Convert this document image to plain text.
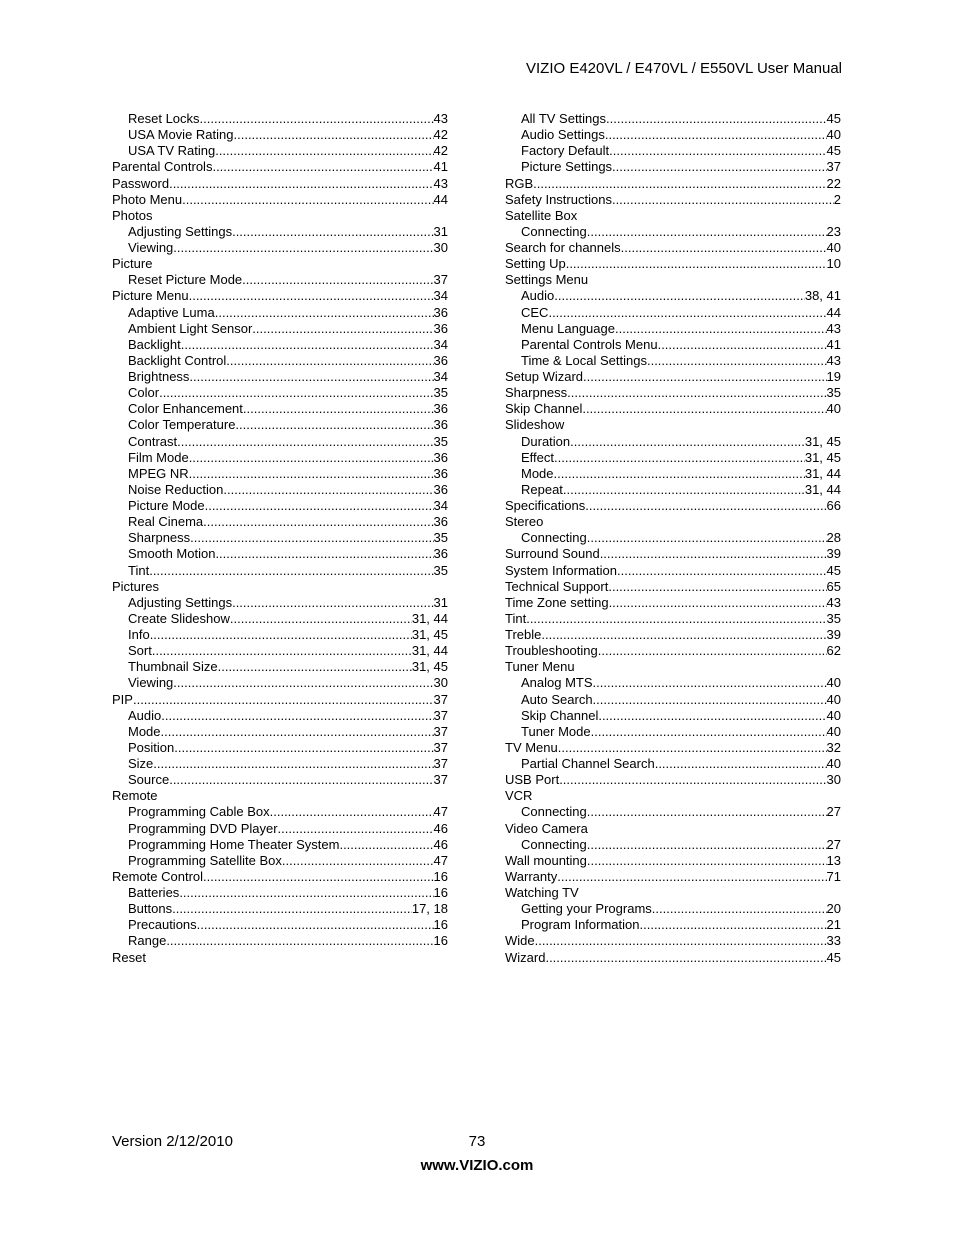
VIZIO E420VL / E470VL / E550VL User Manual
Reset Locks .....	43
USA Movie Rating .....	42
USA TV Rating .....	42
Parental Controls .....	41
Password .....	43
Photo Menu .....	44
Photos
Adjusting Settings .....	31
Viewing .....	30
Picture
Reset Picture Mode .....	37
Picture Menu .....	34
Adaptive Luma .....	36
Ambient Light Sensor .....	36
Backlight .....	34
Backlight Control .....	36
Brightness .....	34
Color .....	35
Color Enhancement .....	36
Color Temperature .....	36
Contrast .....	35
Film Mode .....	36
MPEG NR .....	36
Noise Reduction .....	36
Picture Mode .....	34
Real Cinema .....	36
Sharpness .....	35
Smooth Motion .....	36
Tint .....	35
Pictures
Adjusting Settings .....	31
Create Slideshow .....	31, 44
Info .....	31, 45
Sort .....	31, 44
Thumbnail Size .....	31, 45
Viewing .....	30
PIP .....	37
Audio .....	37
Mode .....	37
Position .....	37
Size .....	37
Source .....	37
Remote
Programming Cable Box .....	47
Programming DVD Player .....	46
Programming Home Theater System .....	46
Programming Satellite Box .....	47
Remote Control .....	16
Batteries .....	16
Buttons .....	17, 18
Precautions .....	16
Range .....	16
Reset
All TV Settings .....	45
Audio Settings .....	40
Factory Default .....	45
Picture Settings .....	37
RGB .....	22
Safety Instructions .....	2
Satellite Box
Connecting .....	23
Search for channels .....	40
Setting Up .....	10
Settings Menu
Audio .....	38, 41
CEC .....	44
Menu Language .....	43
Parental Controls Menu .....	41
Time & Local Settings .....	43
Setup Wizard .....	19
Sharpness .....	35
Skip Channel .....	40
Slideshow
Duration .....	31, 45
Effect .....	31, 45
Mode .....	31, 44
Repeat .....	31, 44
Specifications .....	66
Stereo
Connecting .....	28
Surround Sound .....	39
System Information .....	45
Technical Support .....	65
Time Zone setting .....	43
Tint .....	35
Treble .....	39
Troubleshooting .....	62
Tuner Menu
Analog MTS .....	40
Auto Search .....	40
Skip Channel .....	40
Tuner Mode .....	40
TV Menu .....	32
Partial Channel Search .....	40
USB Port .....	30
VCR
Connecting .....	27
Video Camera
Connecting .....	27
Wall mounting .....	13
Warranty .....	71
Watching TV
Getting your Programs .....	20
Program Information .....	21
Wide .....	33
Wizard .....	45
Version 2/12/2010	73
www.VIZIO.com
